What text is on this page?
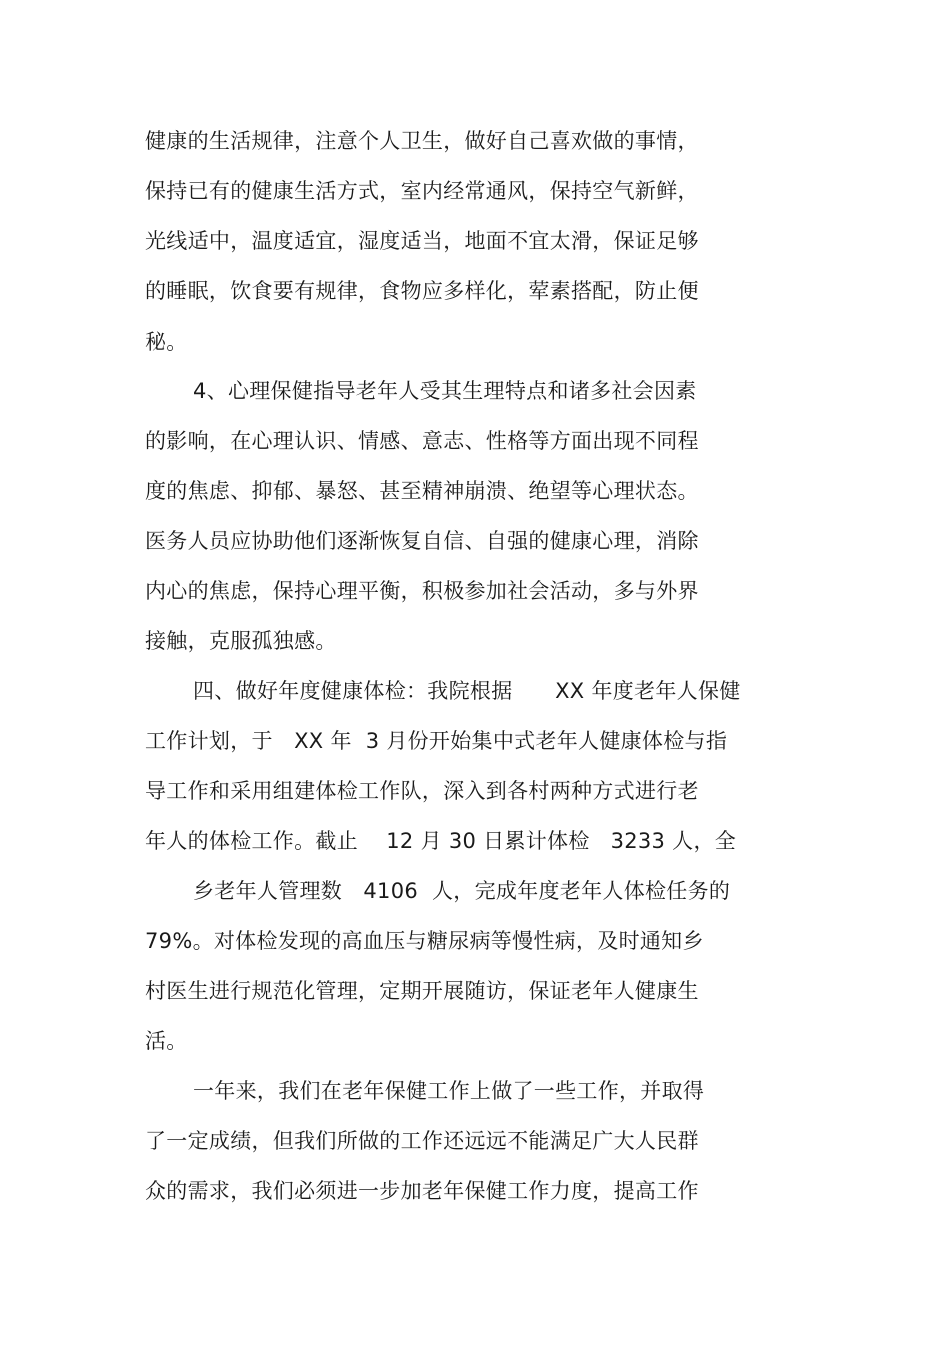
健康的生活规律，注意个人卫生，做好自己喜欢做的事情，
保持已有的健康生活方式，室内经常通风，保持空气新鲜，
光线适中，温度适宜，湿度适当，地面不宜太滑，保证足够
的睡眠，饮食要有规律，食物应多样化，荤素搭配，防止便
秘。
4、心理保健指导老年人受其生理特点和诸多社会因素
的影响，在心理认识、情感、意志、性格等方面出现不同程
度的焦虑、抑郁、暴怒、甚至精神崩溃、绝望等心理状态。
医务人员应协助他们逐渐恢复自信、自强的健康心理，消除
内心的焦虑，保持心理平衡，积极参加社会活动，多与外界
接触，克服孤独感。
四、做好年度健康体检：我院根据　　XX 年度老年人保健
工作计划，于　XX 年  3 月份开始集中式老年人健康体检与指
导工作和采用组建体检工作队，深入到各村两种方式进行老
年人的体检工作。截止　 12 月 30 日累计体检   3233 人，全
乡老年人管理数　4106  人，完成年度老年人体检任务的
79%。对体检发现的高血压与糖尿病等慢性病，及时通知乡
村医生进行规范化管理，定期开展随访，保证老年人健康生
活。
一年来，我们在老年保健工作上做了一些工作，并取得
了一定成绩，但我们所做的工作还远远不能满足广大人民群
众的需求，我们必须进一步加老年保健工作力度，提高工作
